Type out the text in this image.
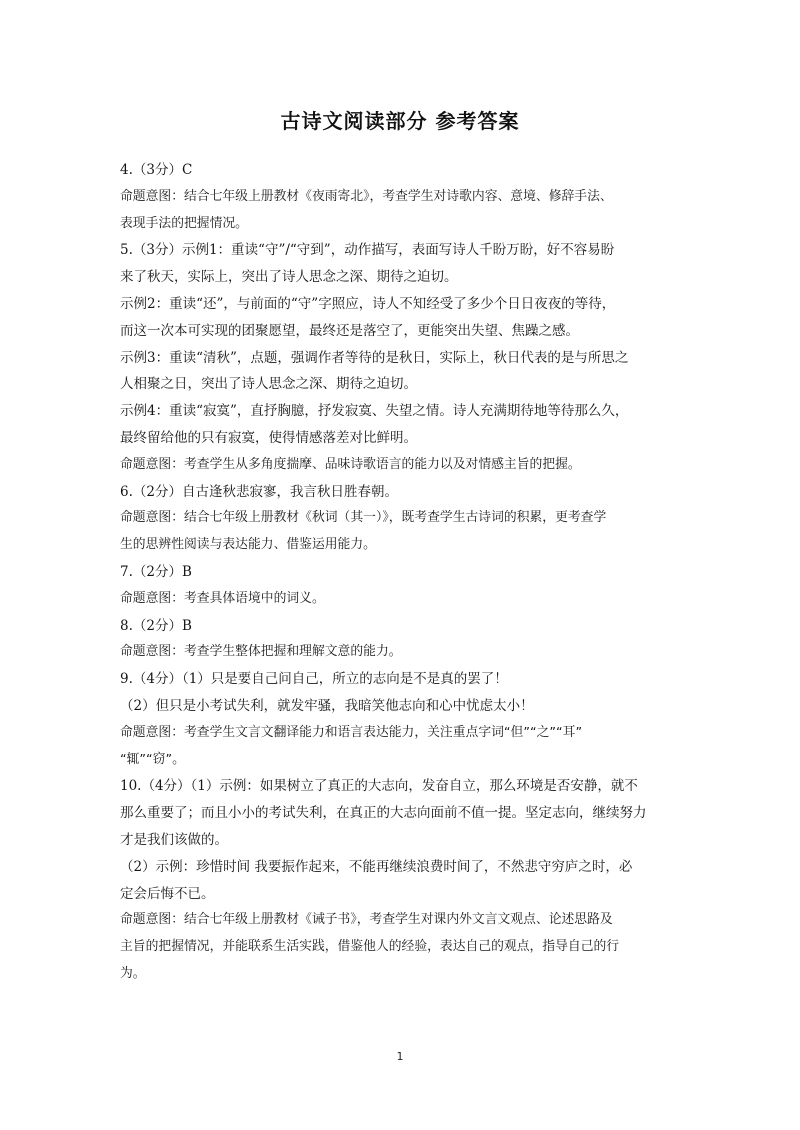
古诗文阅读部分 参考答案
4.（3分）C
命题意图：结合七年级上册教材《夜雨寄北》，考查学生对诗歌内容、意境、修辞手法、
表现手法的把握情况。
5.（3分）示例1：重读“守”/“守到”，动作描写，表面写诗人千盼万盼，好不容易盼
来了秋天，实际上，突出了诗人思念之深、期待之迫切。
示例2：重读“还”，与前面的“守”字照应，诗人不知经受了多少个日日夜夜的等待，
而这一次本可实现的团聚愿望，最终还是落空了，更能突出失望、焦躁之感。
示例3：重读“清秋”，点题，强调作者等待的是秋日，实际上，秋日代表的是与所思之
人相聚之日，突出了诗人思念之深、期待之迫切。
示例4：重读“寂寞”，直抒胸臆，抒发寂寞、失望之情。诗人充满期待地等待那么久，
最终留给他的只有寂寞，使得情感落差对比鲜明。
命题意图：考查学生从多角度揣摩、品味诗歌语言的能力以及对情感主旨的把握。
6.（2分）自古逢秋悲寂寥，我言秋日胜春朝。
命题意图：结合七年级上册教材《秋词（其一）》，既考查学生古诗词的积累，更考查学
生的思辨性阅读与表达能力、借鉴运用能力。
7.（2分）B
命题意图：考查具体语境中的词义。
8.（2分）B
命题意图：考查学生整体把握和理解文意的能力。
9.（4分）（1）只是要自己问自己，所立的志向是不是真的罢了！
（2）但只是小考试失利，就发牢骚，我暗笑他志向和心中忧虑太小！
命题意图：考查学生文言文翻译能力和语言表达能力，关注重点字词“但”“之”“耳”
“辄”“窃”。
10.（4分）（1）示例：如果树立了真正的大志向，发奋自立，那么环境是否安静，就不
那么重要了；而且小小的考试失利，在真正的大志向面前不值一提。坚定志向，继续努力
才是我们该做的。
（2）示例：珍惜时间 我要振作起来，不能再继续浪费时间了，不然悲守穷庐之时，必
定会后悔不已。
命题意图：结合七年级上册教材《诫子书》，考查学生对课内外文言文观点、论述思路及
主旨的把握情况，并能联系生活实践，借鉴他人的经验，表达自己的观点，指导自己的行
为。
1
